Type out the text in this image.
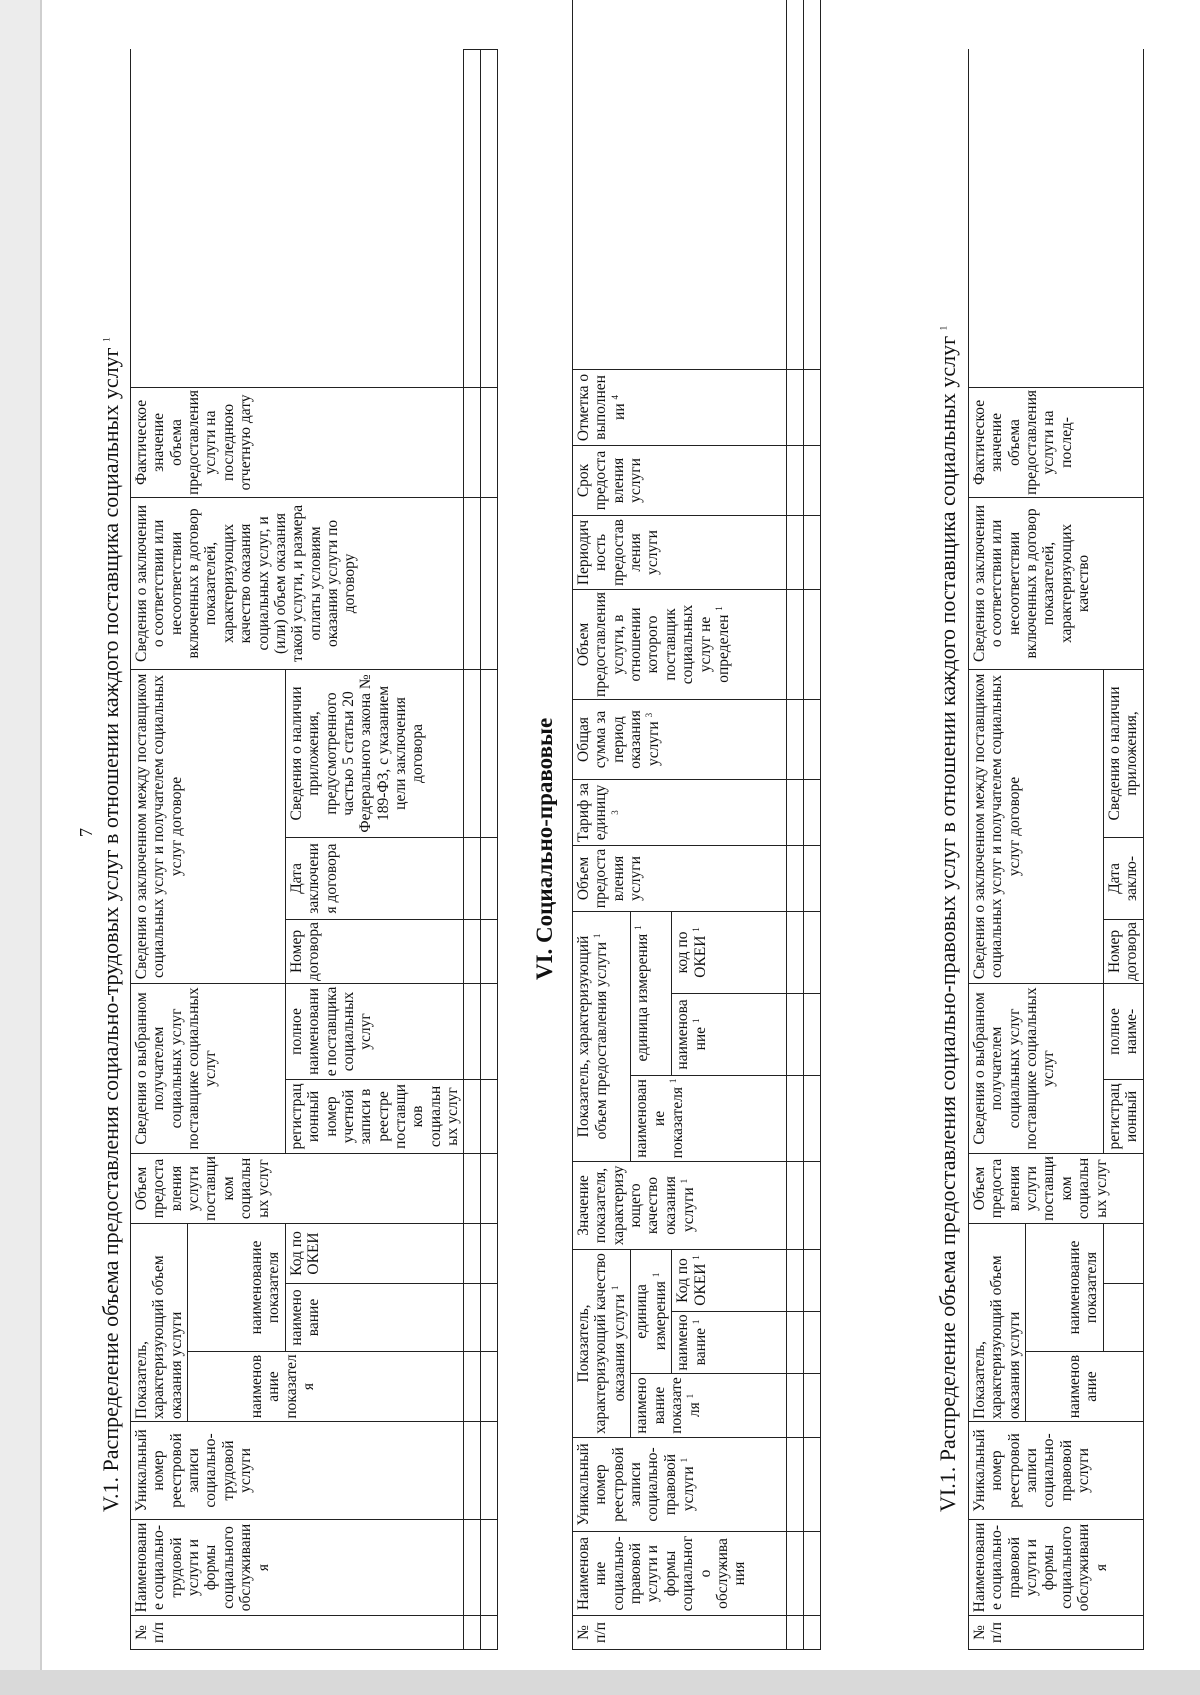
7 V.1. Распределение объема предоставления социально-трудовых услуг в отношении каждого поставщика социальных услуг $^1$
№ п/п	Наименование социально-трудовой услуги и формы социального обслуживания	Уникальный номер реестровой записи социально-трудовой услуги	Показатель, характеризующий объем оказания услуги			Объем предоставления услуги поставщиком социальных услуг	Сведения о выбранном получателем социальных услуг поставщике социальных услуг		Сведения о заключенном между поставщиком социальных услуг и получателем социальных услуг договоре			Сведения о заключении о соответствии или несоответствии включенных в договор показателей, характеризующих качество оказания социальных услуг, и (или) объем оказания такой услуги, и размера оплаты условиям оказания услуги по договору	Фактическое значение объема предоставления услуги на последнюю отчетную дату	
			наименование показателя	наименование показателя										
				наименование	Код по ОКЕИ		регистрационный номер учетной записи в реестре поставщиков социальных услуг	полное наименование поставщика социальных услуг	Номер договора	Дата заключения договора	Сведения о наличии приложения, предусмотренного частью 5 статьи 20 Федерального закона № 189-ФЗ, с указанием цели заключения договора			

															VI. Социально-правовые
№ п/п	Наименование социально-правовой услуги и формы социального обслуживания	Уникальный номер реестровой записи социально-правовой услуги $^1$	Показатель, характеризующий качество оказания услуги $^1$			Значение показателя, характеризующего качество оказания услуги $^1$	Показатель, характеризующий объем предоставления услуги $^1$			Объем предоставления услуги	Тариф за единицу $^3$	Общая сумма за период оказания услуги $^3$	Объем предоставления услуги, в отношении которого поставщик социальных услуг не определен $^1$	Периодичность предоставления услуги	Срок предоставления услуги	Отметка о выполнении $^4$	
			наименование показателя $^1$	единица измерения $^1$			наименование показателя $^1$	единица измерения $^1$
				наименование $^1$	Код по ОКЕИ $^1$			наименование $^1$	код по ОКЕИ $^1$

																		VI.1. Распределение объема предоставления социально-правовых услуг в отношении каждого поставщика социальных услуг $^1$
№ п/п	Наименование социально-правовой услуги и формы социального обслуживания	Уникальный номер реестровой записи социально-правовой услуги	Показатель, характеризующий объем оказания услуги			Объем предоставления услуги поставщиком социальных услуг	Сведения о выбранном получателем социальных услуг поставщике социальных услуг		Сведения о заключенном между поставщиком социальных услуг и получателем социальных услуг договоре			Сведения о заключении о соответствии или несоответствии включенных в договор показателей, характеризующих качество	Фактическое значение объема предоставления услуги на послед-	
			наименование	наименование показателя										
							регистрационный	полное наиме-	Номер договора	Дата заклю-	Сведения о наличии приложения,			
